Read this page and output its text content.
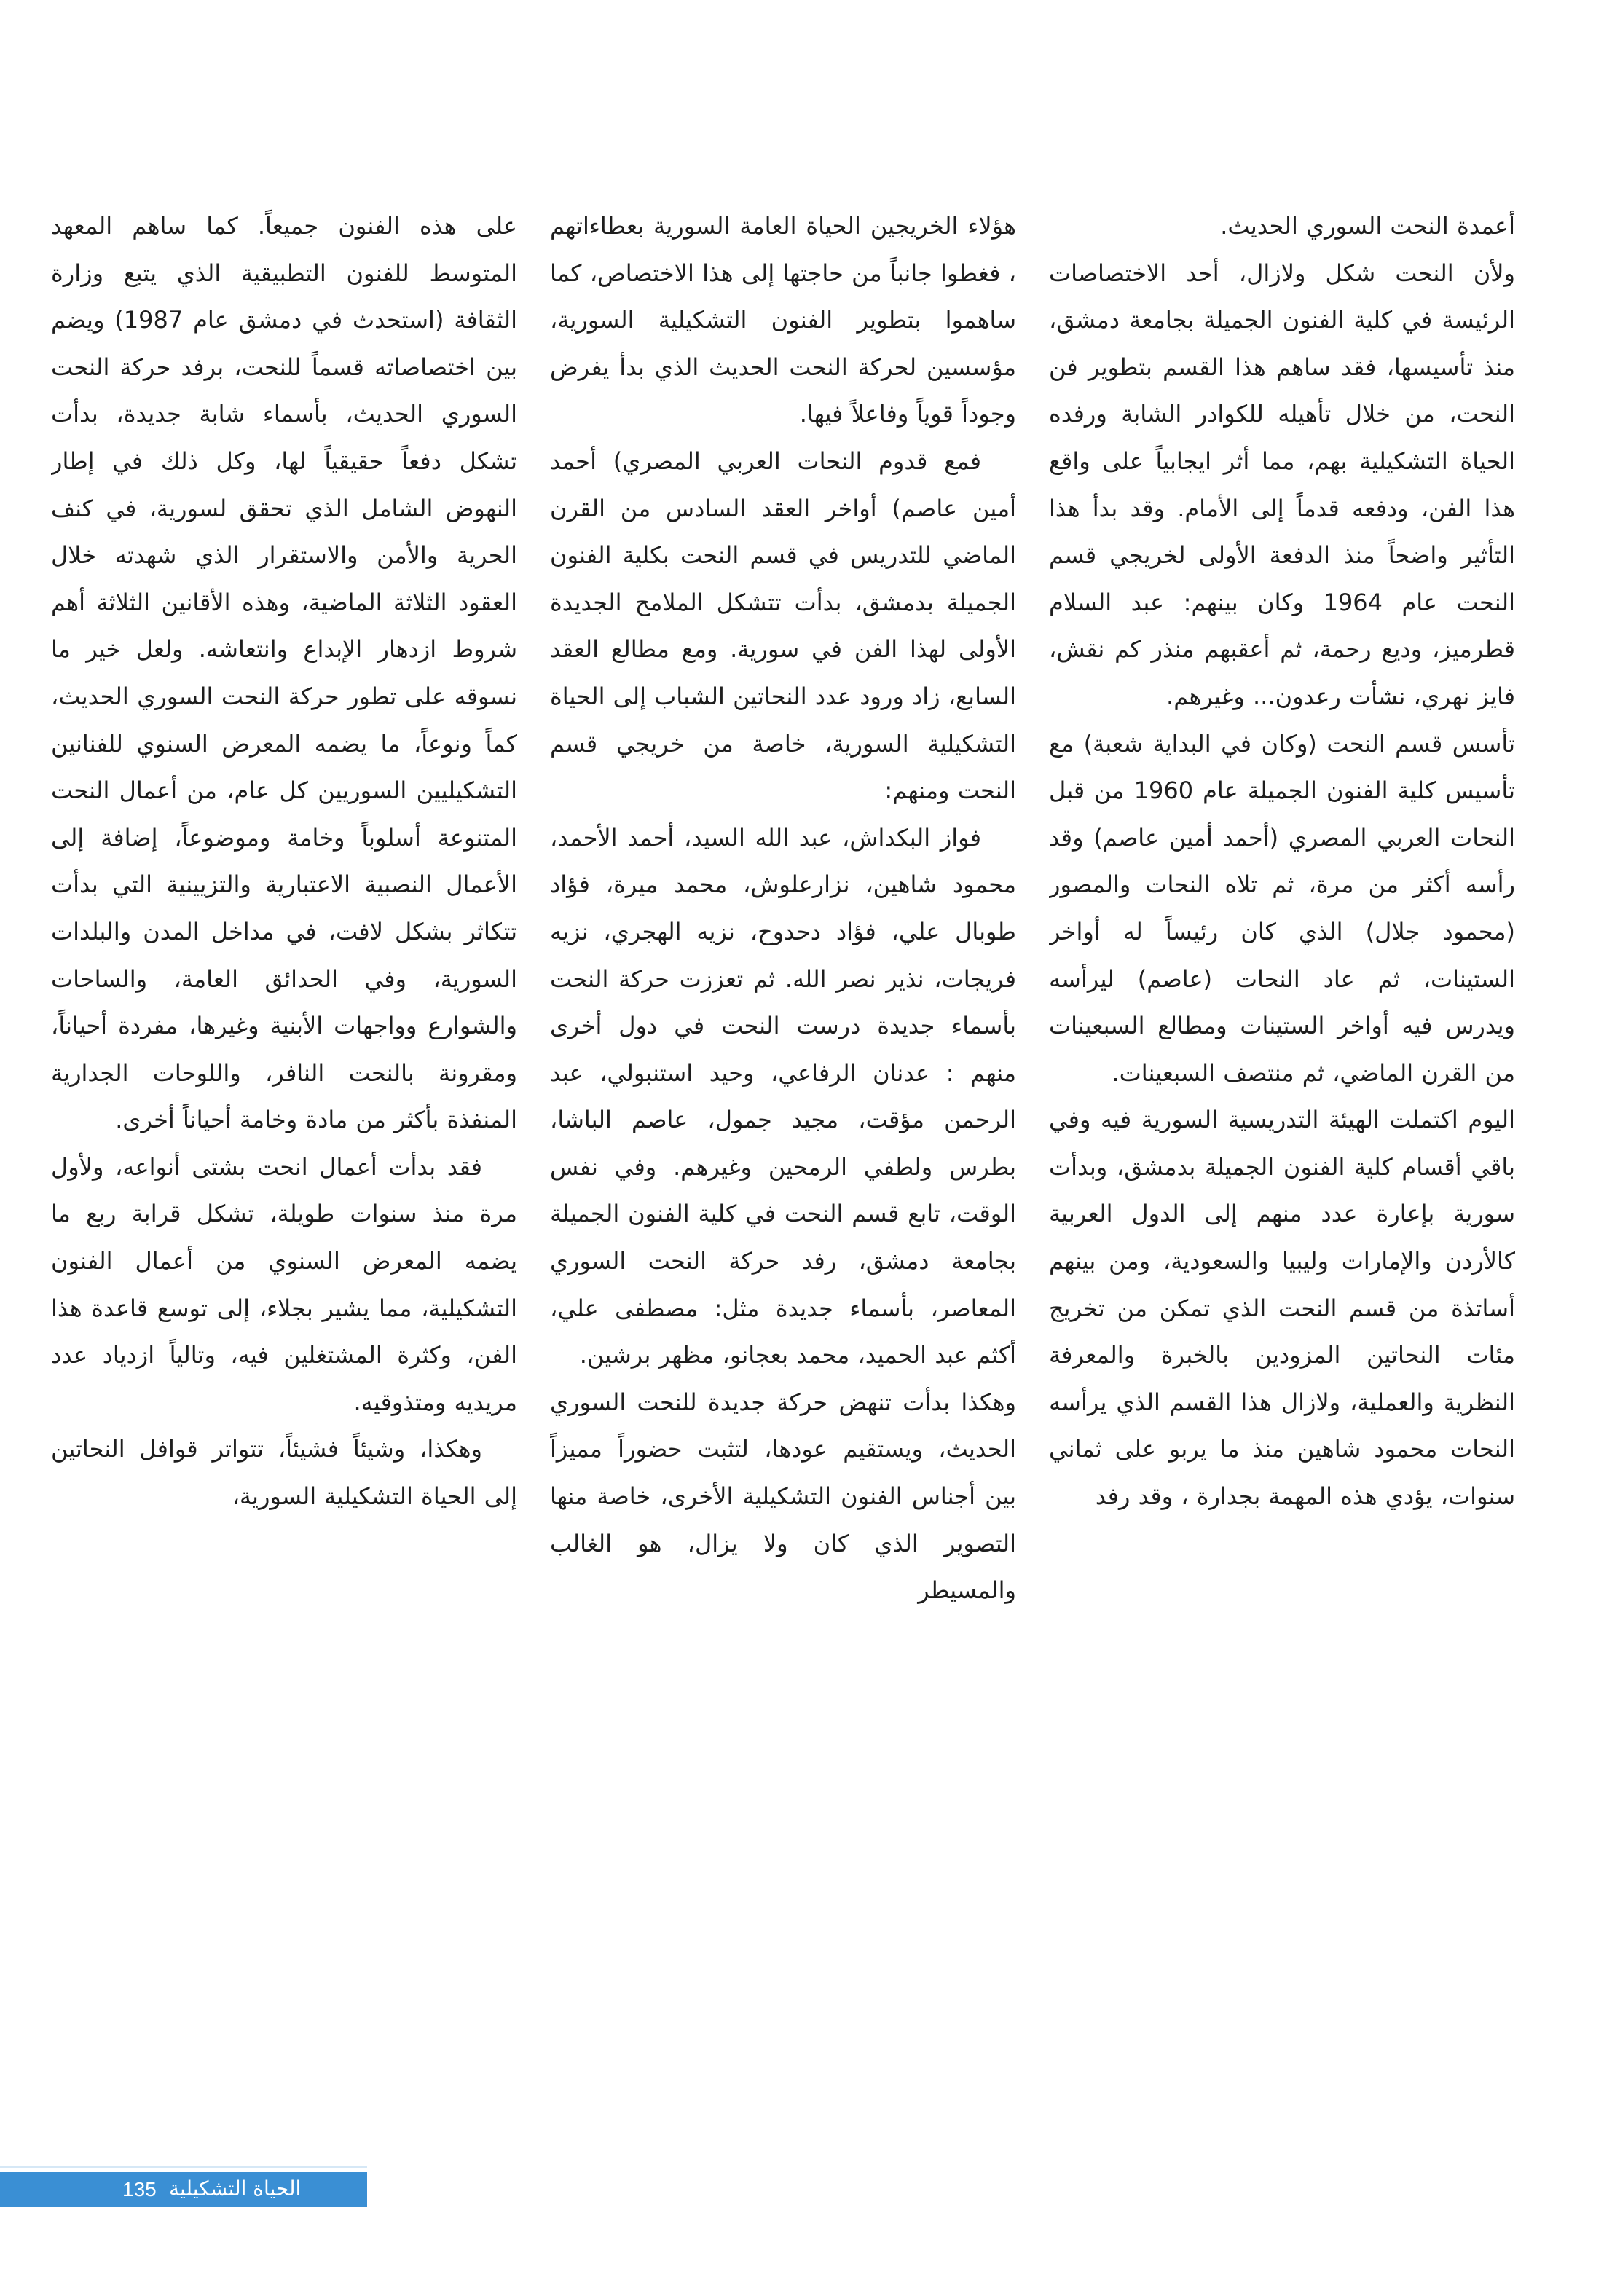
أعمدة النحت السوري الحديث.

ولأن النحت شكل ولازال، أحد الاختصاصات الرئيسة في كلية الفنون الجميلة بجامعة دمشق، منذ تأسيسها، فقد ساهم هذا القسم بتطوير فن النحت، من خلال تأهيله للكوادر الشابة ورفده الحياة التشكيلية بهم، مما أثر ايجابياً على واقع هذا الفن، ودفعه قدماً إلى الأمام. وقد بدأ هذا التأثير واضحاً منذ الدفعة الأولى لخريجي قسم النحت عام 1964 وكان بينهم: عبد السلام قطرميز، وديع رحمة، ثم أعقبهم منذر كم نقش، فايز نهري، نشأت رعدون... وغيرهم.

تأسس قسم النحت (وكان في البداية شعبة) مع تأسيس كلية الفنون الجميلة عام 1960 من قبل النحات العربي المصري (أحمد أمين عاصم) وقد رأسه أكثر من مرة، ثم تلاه النحات والمصور (محمود جلال) الذي كان رئيساً له أواخر الستينات، ثم عاد النحات (عاصم) ليرأسه ويدرس فيه أواخر الستينات ومطالع السبعينات من القرن الماضي، ثم منتصف السبعينات.

اليوم اكتملت الهيئة التدريسية السورية فيه وفي باقي أقسام كلية الفنون الجميلة بدمشق، وبدأت سورية بإعارة عدد منهم إلى الدول العربية كالأردن والإمارات وليبيا والسعودية، ومن بينهم أساتذة من قسم النحت الذي تمكن من تخريج مئات النحاتين المزودين بالخبرة والمعرفة النظرية والعملية، ولازال هذا القسم الذي يرأسه النحات محمود شاهين منذ ما يربو على ثماني سنوات، يؤدي هذه المهمة بجدارة ، وقد رفد

هؤلاء الخريجين الحياة العامة السورية بعطاءاتهم ، فغطوا جانباً من حاجتها إلى هذا الاختصاص، كما ساهموا بتطوير الفنون التشكيلية السورية، مؤسسين لحركة النحت الحديث الذي بدأ يفرض وجوداً قوياً وفاعلاً فيها.

فمع قدوم النحات العربي المصري) أحمد أمين عاصم) أواخر العقد السادس من القرن الماضي للتدريس في قسم النحت بكلية الفنون الجميلة بدمشق، بدأت تتشكل الملامح الجديدة الأولى لهذا الفن في سورية. ومع مطالع العقد السابع، زاد ورود عدد النحاتين الشباب إلى الحياة التشكيلية السورية، خاصة من خريجي قسم النحت ومنهم:

فواز البكداش، عبد الله السيد، أحمد الأحمد، محمود شاهين، نزارعلوش، محمد ميرة، فؤاد طوبال علي، فؤاد دحدوح، نزيه الهجري، نزيه فريجات، نذير نصر الله. ثم تعززت حركة النحت بأسماء جديدة درست النحت في دول أخرى منهم : عدنان الرفاعي، وحيد استنبولي، عبد الرحمن مؤقت، مجيد جمول، عاصم الباشا، بطرس ولطفي الرمحين وغيرهم. وفي نفس الوقت، تابع قسم النحت في كلية الفنون الجميلة بجامعة دمشق، رفد حركة النحت السوري المعاصر، بأسماء جديدة مثل: مصطفى علي، أكثم عبد الحميد، محمد بعجانو، مظهر برشين.

وهكذا بدأت تنهض حركة جديدة للنحت السوري الحديث، ويستقيم عودها، لتثبت حضوراً مميزاً بين أجناس الفنون التشكيلية الأخرى، خاصة منها التصوير الذي كان ولا يزال، هو الغالب والمسيطر

على هذه الفنون جميعاً. كما ساهم المعهد المتوسط للفنون التطبيقية الذي يتبع وزارة الثقافة (استحدث في دمشق عام 1987) ويضم بين اختصاصاته قسماً للنحت، برفد حركة النحت السوري الحديث، بأسماء شابة جديدة، بدأت تشكل دفعاً حقيقياً لها، وكل ذلك في إطار النهوض الشامل الذي تحقق لسورية، في كنف الحرية والأمن والاستقرار الذي شهدته خلال العقود الثلاثة الماضية، وهذه الأقانين الثلاثة أهم شروط ازدهار الإبداع وانتعاشه. ولعل خير ما نسوقه على تطور حركة النحت السوري الحديث، كماً ونوعاً، ما يضمه المعرض السنوي للفنانين التشكيليين السوريين كل عام، من أعمال النحت المتنوعة أسلوباً وخامة وموضوعاً، إضافة إلى الأعمال النصبية الاعتبارية والتزيينية التي بدأت تتكاثر بشكل لافت، في مداخل المدن والبلدات السورية، وفي الحدائق العامة، والساحات والشوارع وواجهات الأبنية وغيرها، مفردة أحياناً، ومقرونة بالنحت النافر، واللوحات الجدارية المنفذة بأكثر من مادة وخامة أحياناً أخرى.

فقد بدأت أعمال انحت بشتى أنواعه، ولأول مرة منذ سنوات طويلة، تشكل قرابة ربع ما يضمه المعرض السنوي من أعمال الفنون التشكيلية، مما يشير بجلاء، إلى توسع قاعدة هذا الفن، وكثرة المشتغلين فيه، وتالياً ازدياد عدد مريديه ومتذوقيه.

وهكذا، وشيئاً فشيئاً، تتواتر قوافل النحاتين إلى الحياة التشكيلية السورية،

135 الحياة التشكيلية
